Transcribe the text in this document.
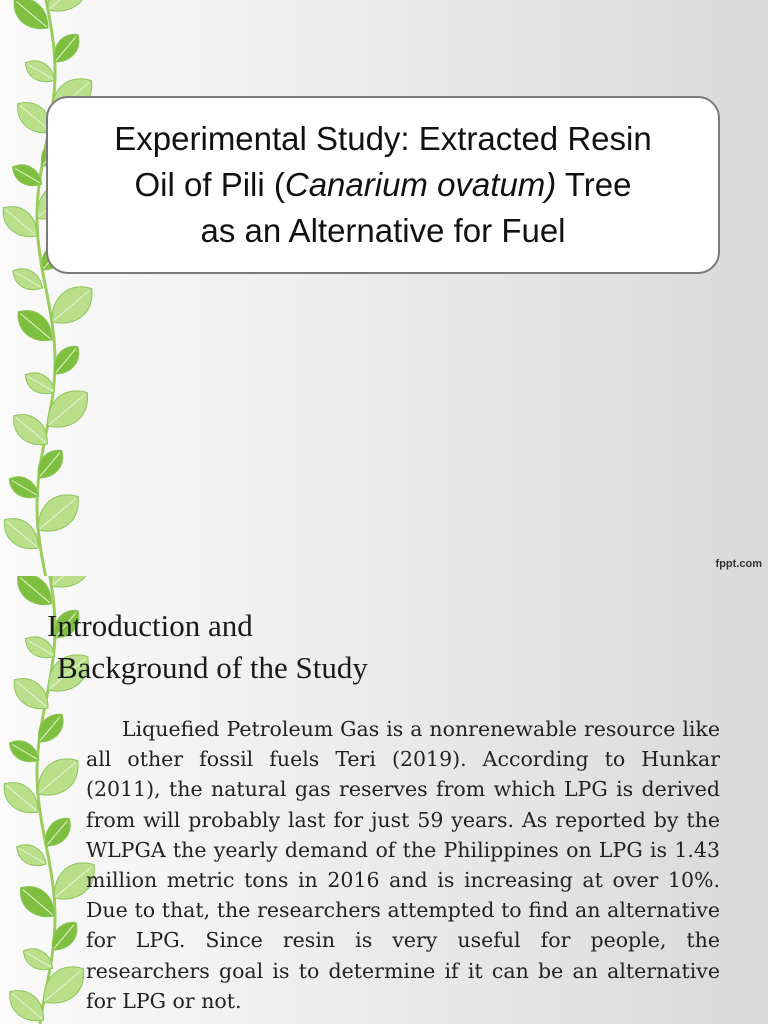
Experimental Study: Extracted Resin
Oil of Pili (Canarium ovatum) Tree
as an Alternative for Fuel
fppt.com
Introduction and
Background of the Study

Liquefied Petroleum Gas is a nonrenewable resource like all other fossil fuels Teri (2019). According to Hunkar (2011), the natural gas reserves from which LPG is derived from will probably last for just 59 years. As reported by the WLPGA the yearly demand of the Philippines on LPG is 1.43 million metric tons in 2016 and is increasing at over 10%. Due to that, the researchers attempted to find an alternative for LPG. Since resin is very useful for people, the researchers goal is to determine if it can be an alternative for LPG or not.
